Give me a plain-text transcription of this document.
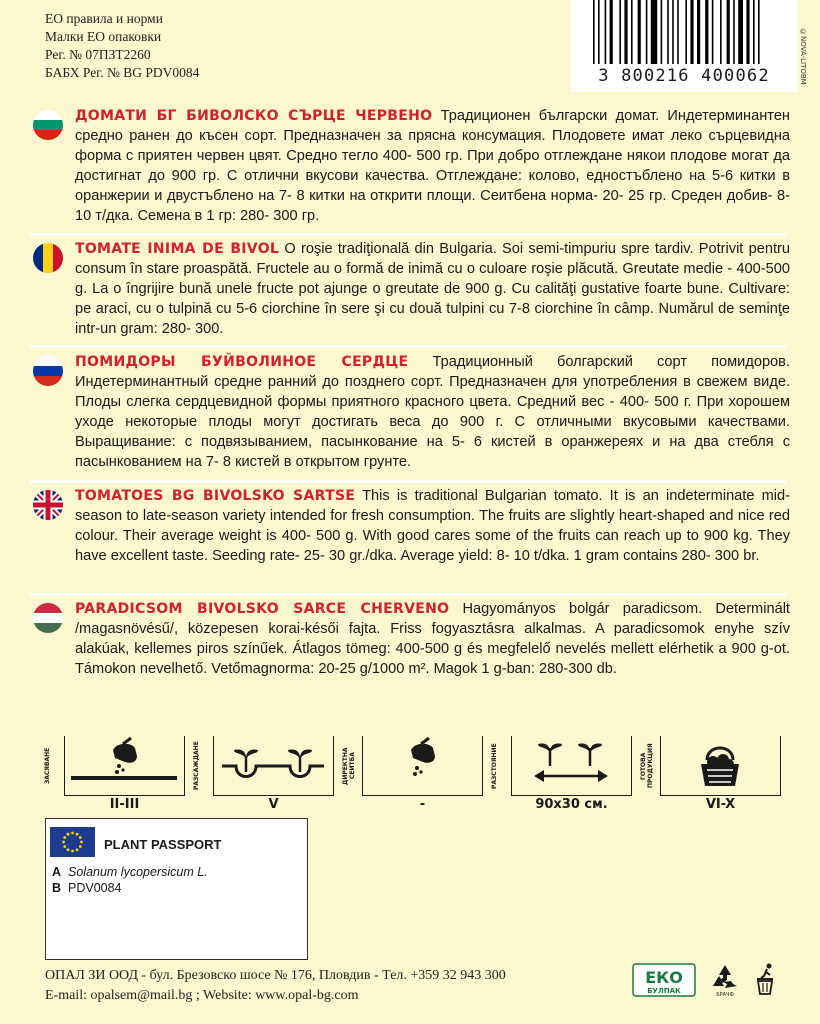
ЕО правила и норми
Малки ЕО опаковки
Рег. № 07ПЗТ2260
БАБХ Рег. № BG PDV0084	3 800216 400062	©NOVA-LITOBM

ДОМАТИ БГ БИВОЛСКО СЪРЦЕ ЧЕРВЕНО Традиционен български домат. Индетерминантен средно ранен до късен сорт. Предназначен за прясна консумация. Плодовете имат леко сърцевидна форма с приятен червен цвят. Средно тегло 400- 500 гр. При добро отглеждане някои плодове могат да достигнат до 900 гр. С отлични вкусови качества. Отглеждане: колово, едностъблено на 5-6 китки в оранжерии и двустъблено на 7- 8 китки на открити площи. Сеитбена норма- 20- 25 гр. Среден добив- 8- 10 т/дка. Семена в 1 гр: 280- 300 гр.

TOMATE INIMA DE BIVOL O roşie tradiţională din Bulgaria. Soi semi-timpuriu spre tardiv. Potrivit pentru consum în stare proaspătă. Fructele au o formă de inimă cu o culoare roşie plăcută. Greutate medie - 400-500 g. La o îngrijire bună unele fructe pot ajunge o greutate de 900 g. Cu calităţi gustative foarte bune. Cultivare: pe araci, cu o tulpină cu 5-6 ciorchine în sere şi cu două tulpini cu 7-8 ciorchine în câmp. Numărul de seminţe intr-un gram: 280- 300.

ПОМИДОРЫ БУЙВОЛИНОЕ СЕРДЦЕ Традиционный болгарский сорт помидоров. Индетерминантный средне ранний до позднего сорт. Предназначен для употребления в свежем виде. Плоды слегка сердцевидной формы приятного красного цвета. Средний вес - 400- 500 г. При хорошем уходе некоторые плоды могут достигать веса до 900 г. С отличными вкусовыми качествами. Выращивание: с подвязыванием, пасынкование на 5- 6 кистей в оранжереях и на два стебля с пасынкованием на 7- 8 кистей в открытом грунте.

TOMATOES BG BIVOLSKO SARTSE This is traditional Bulgarian tomato. It is an indeterminate mid-season to late-season variety intended for fresh consumption. The fruits are slightly heart-shaped and nice red colour. Their average weight is 400- 500 g. With good cares some of the fruits can reach up to 900 kg. They have excellent taste. Seeding rate- 25- 30 gr./dka. Average yield: 8- 10 t/dka. 1 gram contains 280- 300 br.

PARADICSOM BIVOLSKO SARCE CHERVENO Hagyományos bolgár paradicsom. Determinált /magasnövésű/, közepesen korai-késői fajta. Friss fogyasztásra alkalmas. A paradicsomok enyhe szív alakúak, kellemes piros színűek. Átlagos tömeg: 400-500 g és megfelelő nevelés mellett elérhetik a 900 g-ot. Támokon nevelhető. Vetőmagnorma: 20-25 g/1000 m². Magok 1 g-ban: 280-300 db.

ЗАСЯВАНЕ
II-III
РАЗСАЖДАНЕ
V
ДИРЕКТНА СЕИТБА
-
РАЗСТОЯНИЕ
90x30 см.
ГОТОВА ПРОДУКЦИЯ
VI-X
PLANT PASSPORT
A Solanum lycopersicum L.
B PDV0084
ОПАЛ ЗИ ООД - бул. Брезовско шосе № 176, Пловдив - Тел. +359 32 943 300
E-mail: opalsem@mail.bg ; Website: www.opal-bg.com
ЕКО
БУЛПАК	БРАЧФ
